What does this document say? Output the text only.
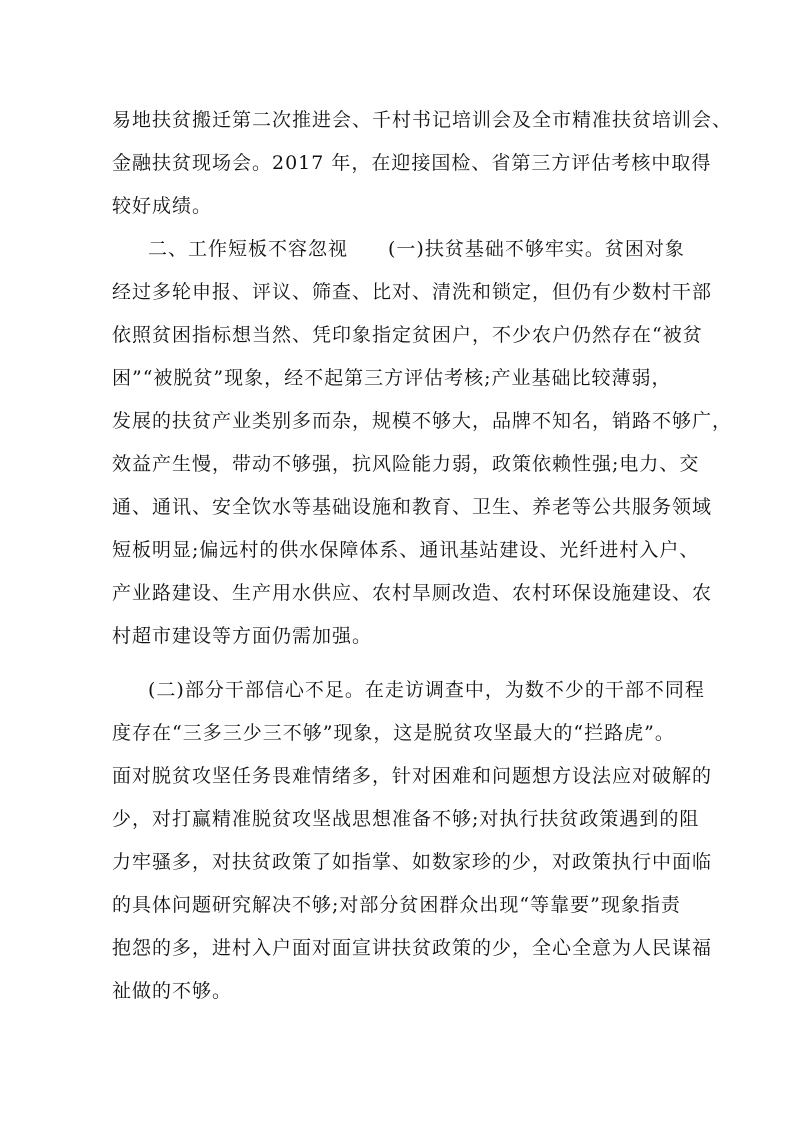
易地扶贫搬迁第二次推进会、千村书记培训会及全市精准扶贫培训会、
金融扶贫现场会。2017 年，在迎接国检、省第三方评估考核中取得
较好成绩。
二、工作短板不容忽视　　(一)扶贫基础不够牢实。贫困对象
经过多轮申报、评议、筛查、比对、清洗和锁定，但仍有少数村干部
依照贫困指标想当然、凭印象指定贫困户，不少农户仍然存在“被贫
困”“被脱贫”现象，经不起第三方评估考核;产业基础比较薄弱，
发展的扶贫产业类别多而杂，规模不够大，品牌不知名，销路不够广，
效益产生慢，带动不够强，抗风险能力弱，政策依赖性强;电力、交
通、通讯、安全饮水等基础设施和教育、卫生、养老等公共服务领域
短板明显;偏远村的供水保障体系、通讯基站建设、光纤进村入户、
产业路建设、生产用水供应、农村旱厕改造、农村环保设施建设、农
村超市建设等方面仍需加强。
(二)部分干部信心不足。在走访调查中，为数不少的干部不同程
度存在“三多三少三不够”现象，这是脱贫攻坚最大的“拦路虎”。
面对脱贫攻坚任务畏难情绪多，针对困难和问题想方设法应对破解的
少，对打赢精准脱贫攻坚战思想准备不够;对执行扶贫政策遇到的阻
力牢骚多，对扶贫政策了如指掌、如数家珍的少，对政策执行中面临
的具体问题研究解决不够;对部分贫困群众出现“等靠要”现象指责
抱怨的多，进村入户面对面宣讲扶贫政策的少，全心全意为人民谋福
祉做的不够。
